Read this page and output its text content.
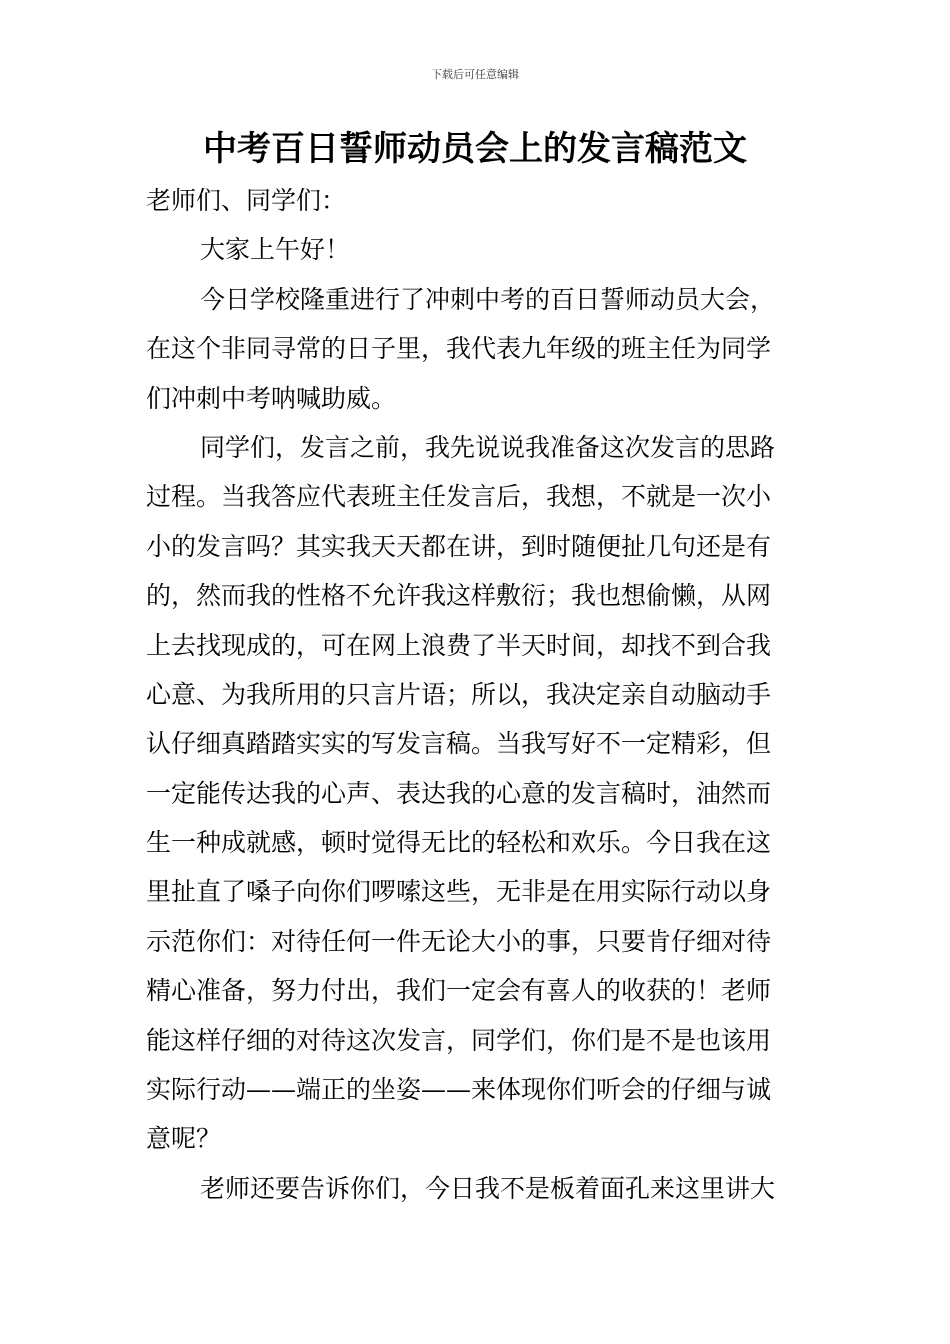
下载后可任意编辑
中考百日誓师动员会上的发言稿范文
老师们、同学们：
大家上午好！
今日学校隆重进行了冲刺中考的百日誓师动员大会，
在这个非同寻常的日子里，我代表九年级的班主任为同学
们冲刺中考呐喊助威。
同学们，发言之前，我先说说我准备这次发言的思路
过程。当我答应代表班主任发言后，我想，不就是一次小
小的发言吗？其实我天天都在讲，到时随便扯几句还是有
的，然而我的性格不允许我这样敷衍；我也想偷懒，从网
上去找现成的，可在网上浪费了半天时间，却找不到合我
心意、为我所用的只言片语；所以，我决定亲自动脑动手
认仔细真踏踏实实的写发言稿。当我写好不一定精彩，但
一定能传达我的心声、表达我的心意的发言稿时，油然而
生一种成就感，顿时觉得无比的轻松和欢乐。今日我在这
里扯直了嗓子向你们啰嗦这些，无非是在用实际行动以身
示范你们：对待任何一件无论大小的事，只要肯仔细对待
精心准备，努力付出，我们一定会有喜人的收获的！老师
能这样仔细的对待这次发言，同学们，你们是不是也该用
实际行动——端正的坐姿——来体现你们听会的仔细与诚
意呢？
老师还要告诉你们，今日我不是板着面孔来这里讲大
